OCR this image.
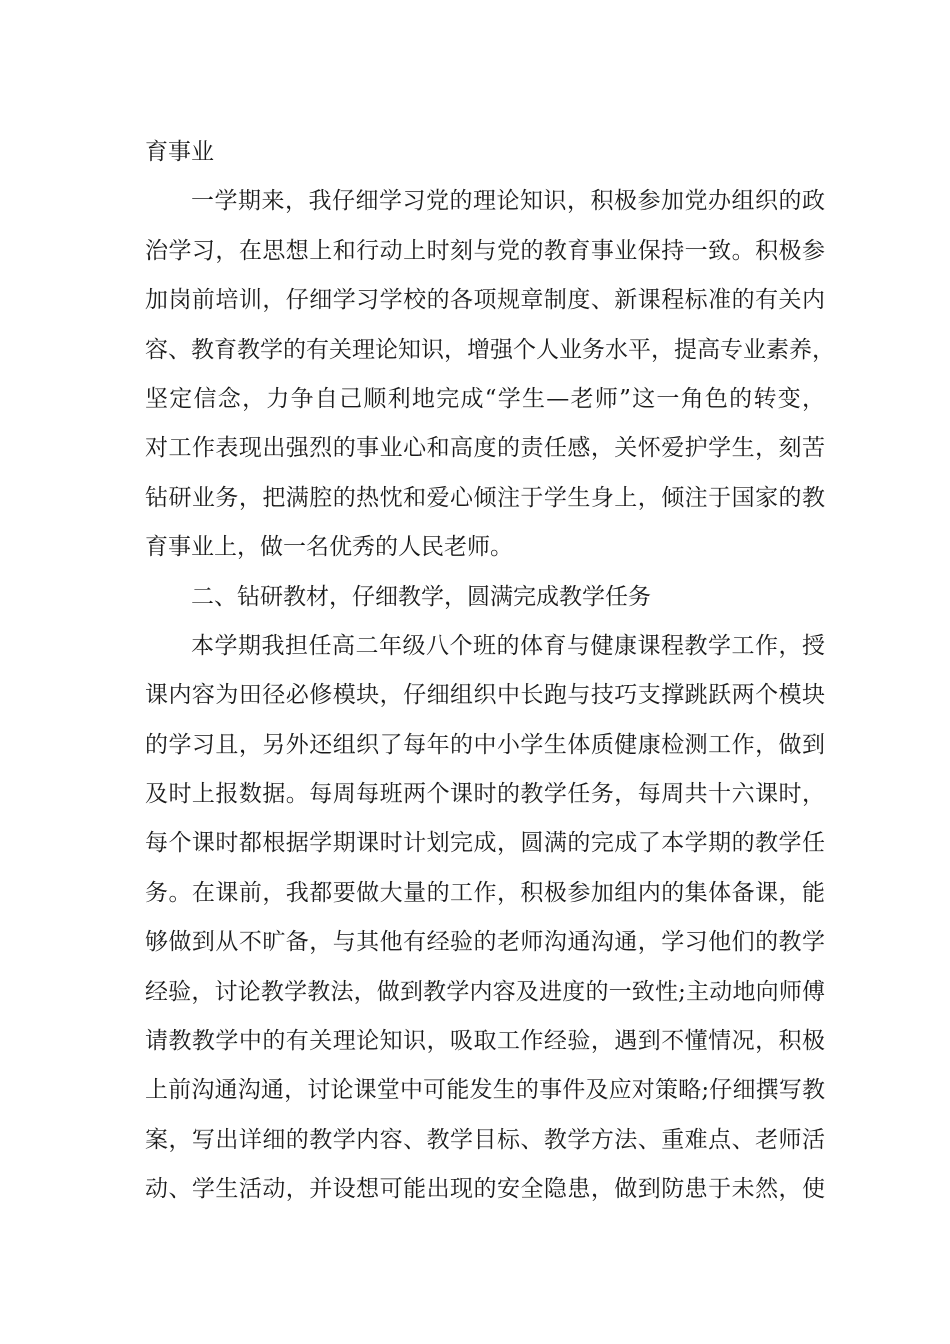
育事业
一学期来，我仔细学习党的理论知识，积极参加党办组织的政
治学习，在思想上和行动上时刻与党的教育事业保持一致。积极参
加岗前培训，仔细学习学校的各项规章制度、新课程标准的有关内
容、教育教学的有关理论知识，增强个人业务水平，提高专业素养，
坚定信念，力争自己顺利地完成“学生—老师”这一角色的转变，
对工作表现出强烈的事业心和高度的责任感，关怀爱护学生，刻苦
钻研业务，把满腔的热忱和爱心倾注于学生身上，倾注于国家的教
育事业上，做一名优秀的人民老师。
二、钻研教材，仔细教学，圆满完成教学任务
本学期我担任高二年级八个班的体育与健康课程教学工作，授
课内容为田径必修模块，仔细组织中长跑与技巧支撑跳跃两个模块
的学习且，另外还组织了每年的中小学生体质健康检测工作，做到
及时上报数据。每周每班两个课时的教学任务，每周共十六课时，
每个课时都根据学期课时计划完成，圆满的完成了本学期的教学任
务。在课前，我都要做大量的工作，积极参加组内的集体备课，能
够做到从不旷备，与其他有经验的老师沟通沟通，学习他们的教学
经验，讨论教学教法，做到教学内容及进度的一致性;主动地向师傅
请教教学中的有关理论知识，吸取工作经验，遇到不懂情况，积极
上前沟通沟通，讨论课堂中可能发生的事件及应对策略;仔细撰写教
案，写出详细的教学内容、教学目标、教学方法、重难点、老师活
动、学生活动，并设想可能出现的安全隐患，做到防患于未然，使
